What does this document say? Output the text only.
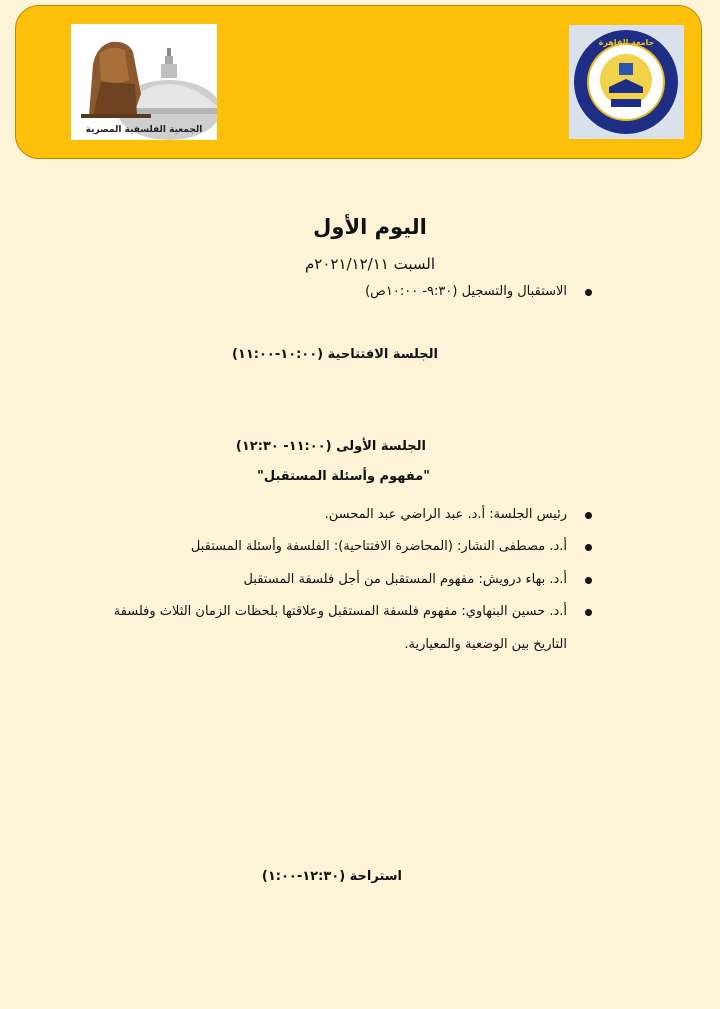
الجمعية الفلسفية المصرية
جامعة القاهرة
اليوم الأول
السبت ٢٠٢١/١٢/١١م
الاستقبال والتسجيل (٩:٣٠- ١٠:٠٠ص)
الجلسة الافتتاحية (١٠:٠٠-١١:٠٠)
الجلسة الأولى (١١:٠٠- ١٢:٣٠)
"مفهوم وأسئلة المستقبل"
رئيس الجلسة: أ.د. عبد الراضي عبد المحسن.
أ.د. مصطفى النشار: (المحاضرة الافتتاحية): الفلسفة وأسئلة المستقبل
أ.د. بهاء درويش: مفهوم المستقبل من أجل فلسفة المستقبل
أ.د. حسين البنهاوي: مفهوم فلسفة المستقبل وعلاقتها بلحظات الزمان الثلاث وفلسفة
التاريخ بين الوضعية والمعيارية.
استراحة (١٢:٣٠-١:٠٠)
